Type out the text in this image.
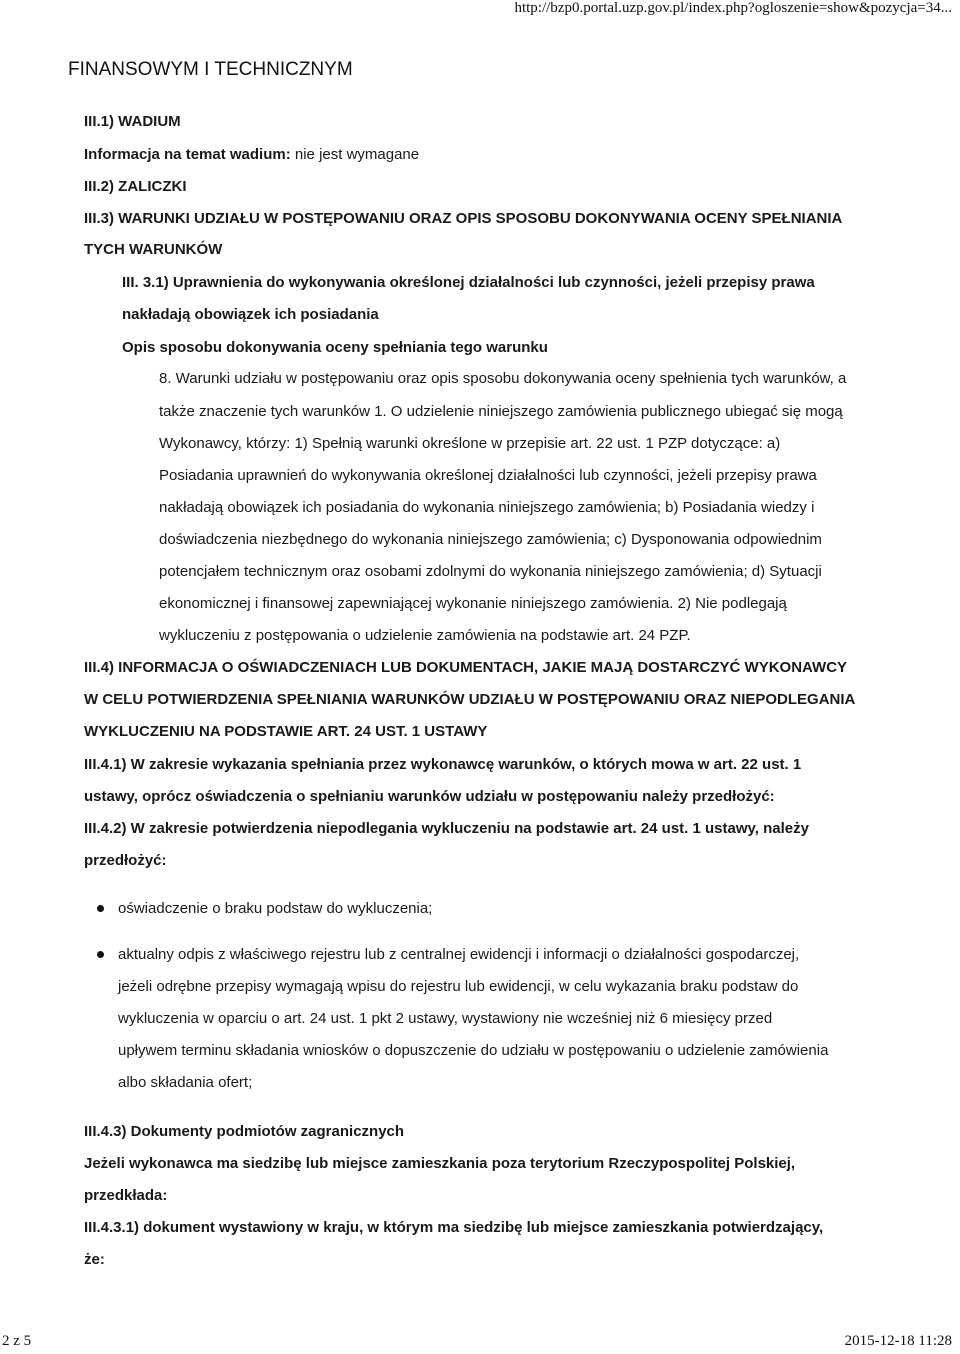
http://bzp0.portal.uzp.gov.pl/index.php?ogloszenie=show&pozycja=34...
FINANSOWYM I TECHNICZNYM
III.1) WADIUM
Informacja na temat wadium: nie jest wymagane
III.2) ZALICZKI
III.3) WARUNKI UDZIAŁU W POSTĘPOWANIU ORAZ OPIS SPOSOBU DOKONYWANIA OCENY SPEŁNIANIA
TYCH WARUNKÓW
III. 3.1) Uprawnienia do wykonywania określonej działalności lub czynności, jeżeli przepisy prawa
nakładają obowiązek ich posiadania
Opis sposobu dokonywania oceny spełniania tego warunku
8. Warunki udziału w postępowaniu oraz opis sposobu dokonywania oceny spełnienia tych warunków, a
także znaczenie tych warunków 1. O udzielenie niniejszego zamówienia publicznego ubiegać się mogą
Wykonawcy, którzy: 1) Spełnią warunki określone w przepisie art. 22 ust. 1 PZP dotyczące: a)
Posiadania uprawnień do wykonywania określonej działalności lub czynności, jeżeli przepisy prawa
nakładają obowiązek ich posiadania do wykonania niniejszego zamówienia; b) Posiadania wiedzy i
doświadczenia niezbędnego do wykonania niniejszego zamówienia; c) Dysponowania odpowiednim
potencjałem technicznym oraz osobami zdolnymi do wykonania niniejszego zamówienia; d) Sytuacji
ekonomicznej i finansowej zapewniającej wykonanie niniejszego zamówienia. 2) Nie podlegają
wykluczeniu z postępowania o udzielenie zamówienia na podstawie art. 24 PZP.
III.4) INFORMACJA O OŚWIADCZENIACH LUB DOKUMENTACH, JAKIE MAJĄ DOSTARCZYĆ WYKONAWCY
W CELU POTWIERDZENIA SPEŁNIANIA WARUNKÓW UDZIAŁU W POSTĘPOWANIU ORAZ NIEPODLEGANIA
WYKLUCZENIU NA PODSTAWIE ART. 24 UST. 1 USTAWY
III.4.1) W zakresie wykazania spełniania przez wykonawcę warunków, o których mowa w art. 22 ust. 1
ustawy, oprócz oświadczenia o spełnianiu warunków udziału w postępowaniu należy przedłożyć:
III.4.2) W zakresie potwierdzenia niepodlegania wykluczeniu na podstawie art. 24 ust. 1 ustawy, należy
przedłożyć:
oświadczenie o braku podstaw do wykluczenia;
aktualny odpis z właściwego rejestru lub z centralnej ewidencji i informacji o działalności gospodarczej,
jeżeli odrębne przepisy wymagają wpisu do rejestru lub ewidencji, w celu wykazania braku podstaw do
wykluczenia w oparciu o art. 24 ust. 1 pkt 2 ustawy, wystawiony nie wcześniej niż 6 miesięcy przed
upływem terminu składania wniosków o dopuszczenie do udziału w postępowaniu o udzielenie zamówienia
albo składania ofert;
III.4.3) Dokumenty podmiotów zagranicznych
Jeżeli wykonawca ma siedzibę lub miejsce zamieszkania poza terytorium Rzeczypospolitej Polskiej,
przedkłada:
III.4.3.1) dokument wystawiony w kraju, w którym ma siedzibę lub miejsce zamieszkania potwierdzający,
że:
2 z 5	2015-12-18 11:28
